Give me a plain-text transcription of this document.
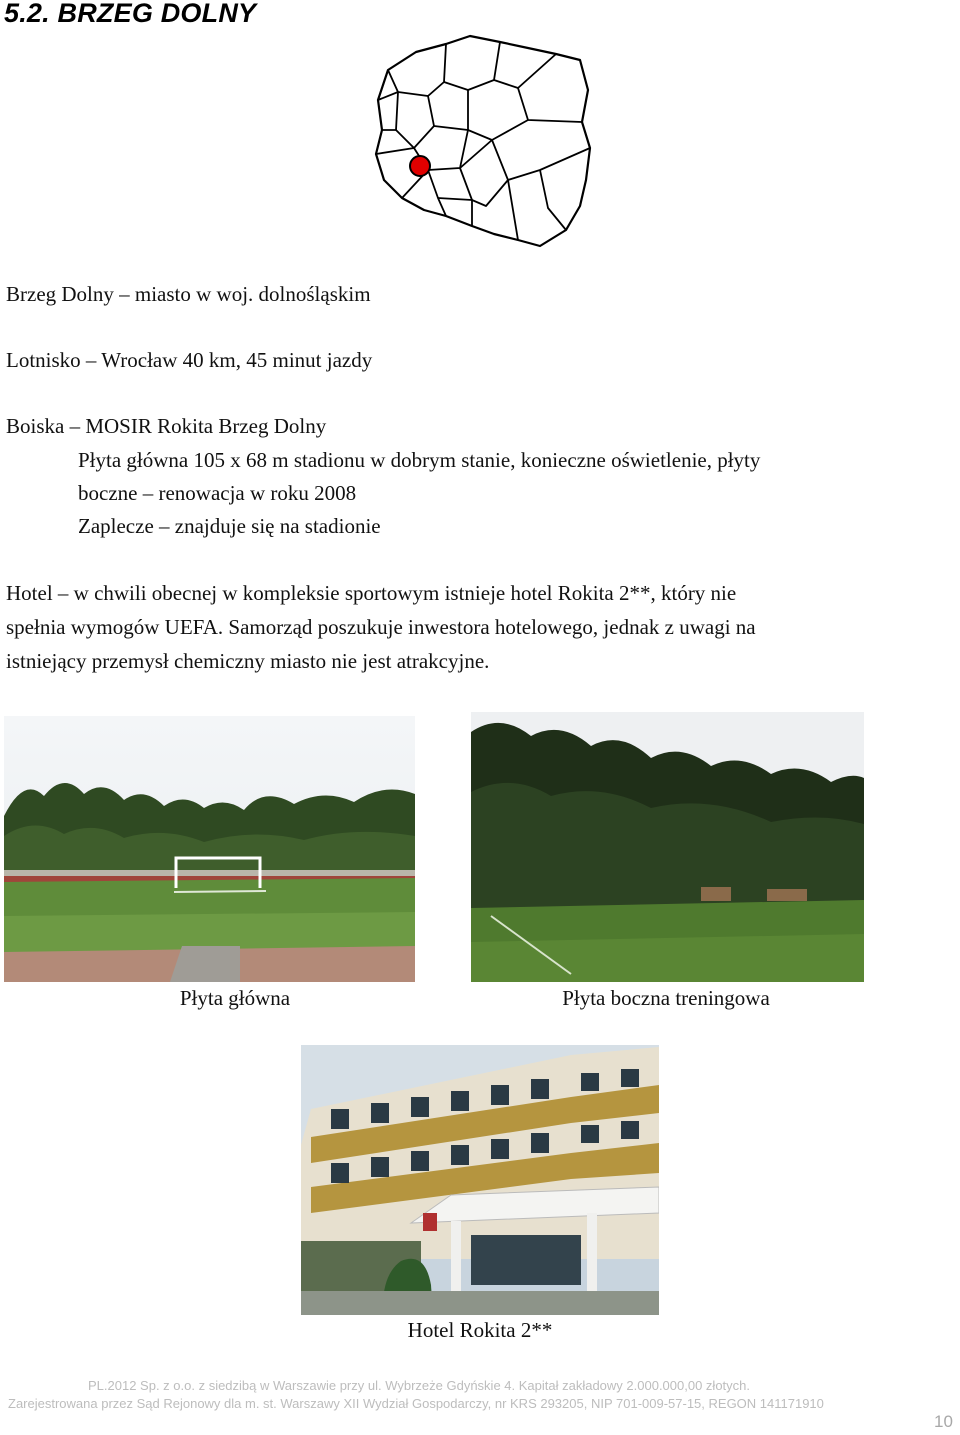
5.2. BRZEG DOLNY
Brzeg Dolny – miasto w woj. dolnośląskim
Lotnisko – Wrocław 40 km, 45 minut jazdy
Boiska – MOSIR Rokita Brzeg Dolny
Płyta główna 105 x 68 m stadionu w dobrym stanie, konieczne oświetlenie, płyty
boczne – renowacja w roku 2008
Zaplecze – znajduje się na stadionie
Hotel – w chwili obecnej w kompleksie sportowym istnieje hotel Rokita 2**, który nie
spełnia wymogów UEFA. Samorząd poszukuje inwestora hotelowego, jednak z uwagi na
istniejący przemysł chemiczny miasto nie jest atrakcyjne.
Płyta główna	Płyta boczna treningowa
Hotel Rokita 2**
PL.2012 Sp. z o.o. z siedzibą w Warszawie przy ul. Wybrzeże Gdyńskie 4. Kapitał zakładowy 2.000.000,00 złotych.
Zarejestrowana przez Sąd Rejonowy dla m. st. Warszawy XII Wydział Gospodarczy, nr KRS 293205, NIP 701-009-57-15, REGON 141171910
10
